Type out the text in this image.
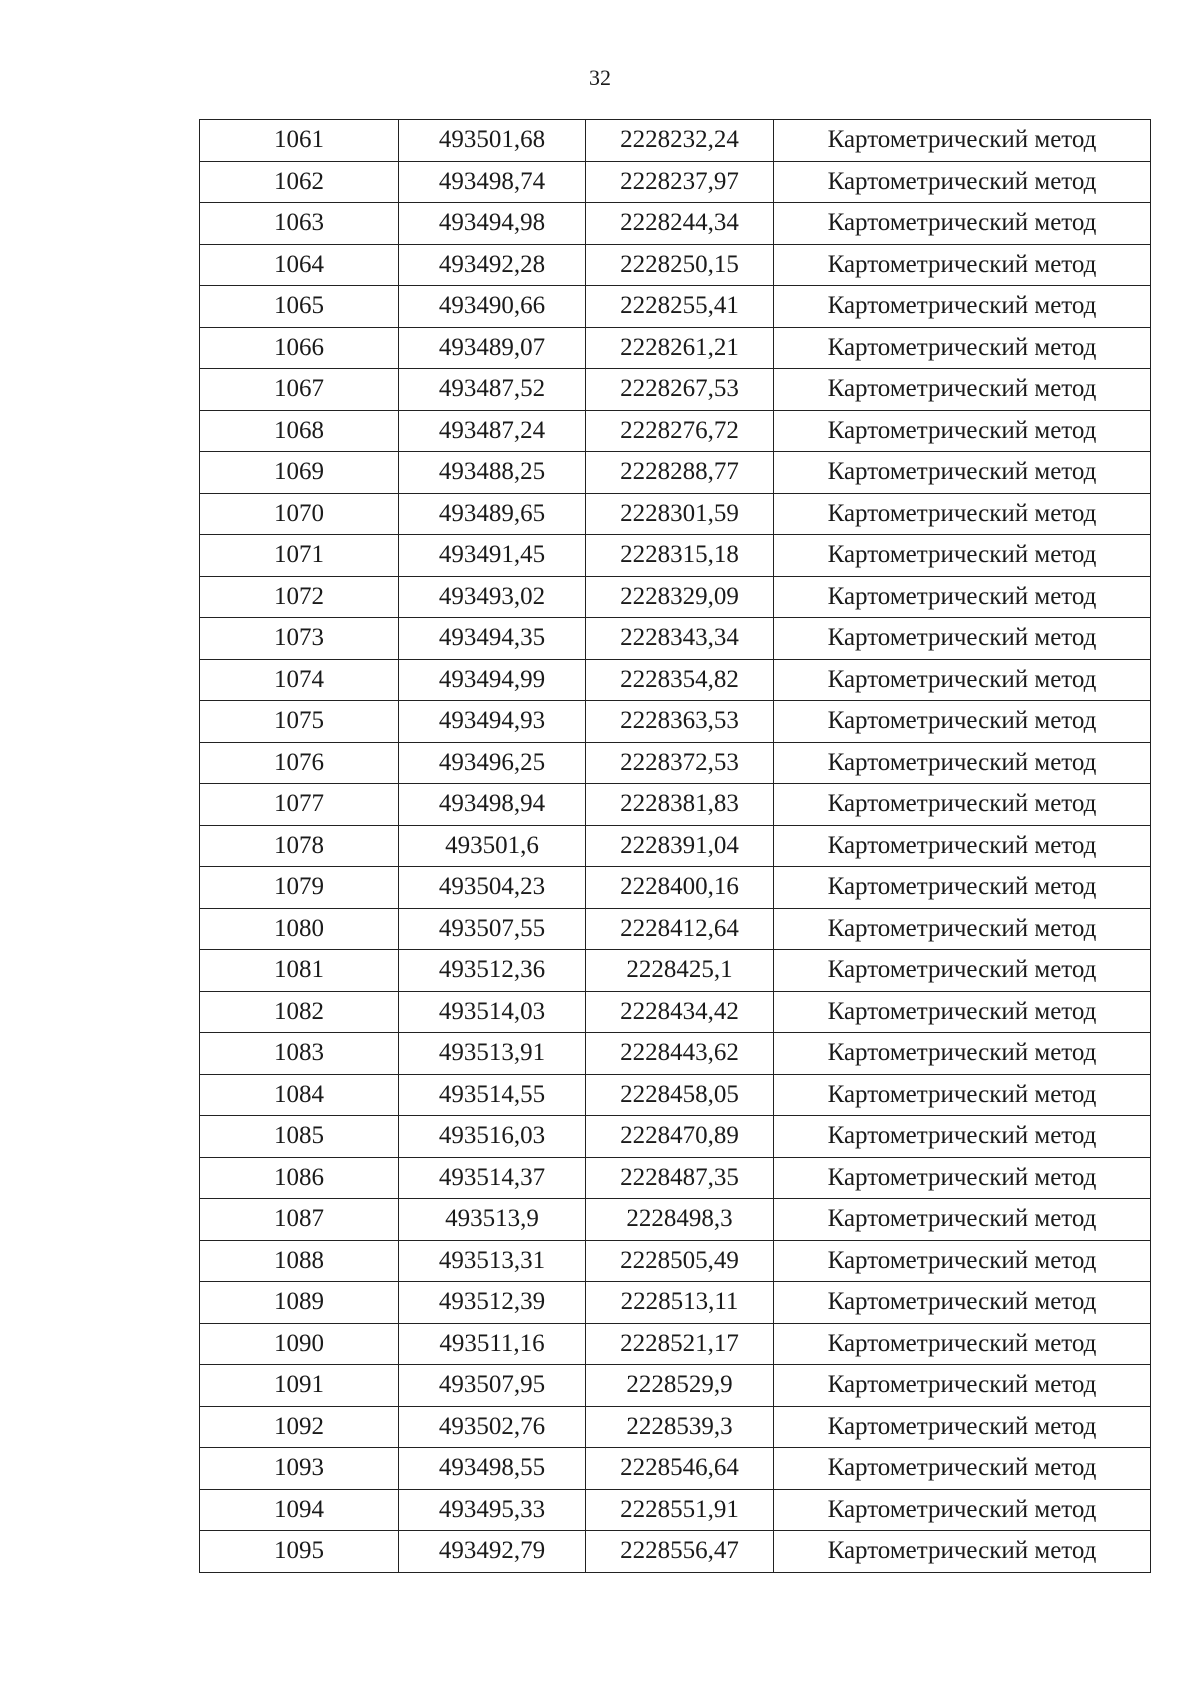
32
1061	493501,68	2228232,24	Картометрический метод
1062	493498,74	2228237,97	Картометрический метод
1063	493494,98	2228244,34	Картометрический метод
1064	493492,28	2228250,15	Картометрический метод
1065	493490,66	2228255,41	Картометрический метод
1066	493489,07	2228261,21	Картометрический метод
1067	493487,52	2228267,53	Картометрический метод
1068	493487,24	2228276,72	Картометрический метод
1069	493488,25	2228288,77	Картометрический метод
1070	493489,65	2228301,59	Картометрический метод
1071	493491,45	2228315,18	Картометрический метод
1072	493493,02	2228329,09	Картометрический метод
1073	493494,35	2228343,34	Картометрический метод
1074	493494,99	2228354,82	Картометрический метод
1075	493494,93	2228363,53	Картометрический метод
1076	493496,25	2228372,53	Картометрический метод
1077	493498,94	2228381,83	Картометрический метод
1078	493501,6	2228391,04	Картометрический метод
1079	493504,23	2228400,16	Картометрический метод
1080	493507,55	2228412,64	Картометрический метод
1081	493512,36	2228425,1	Картометрический метод
1082	493514,03	2228434,42	Картометрический метод
1083	493513,91	2228443,62	Картометрический метод
1084	493514,55	2228458,05	Картометрический метод
1085	493516,03	2228470,89	Картометрический метод
1086	493514,37	2228487,35	Картометрический метод
1087	493513,9	2228498,3	Картометрический метод
1088	493513,31	2228505,49	Картометрический метод
1089	493512,39	2228513,11	Картометрический метод
1090	493511,16	2228521,17	Картометрический метод
1091	493507,95	2228529,9	Картометрический метод
1092	493502,76	2228539,3	Картометрический метод
1093	493498,55	2228546,64	Картометрический метод
1094	493495,33	2228551,91	Картометрический метод
1095	493492,79	2228556,47	Картометрический метод
